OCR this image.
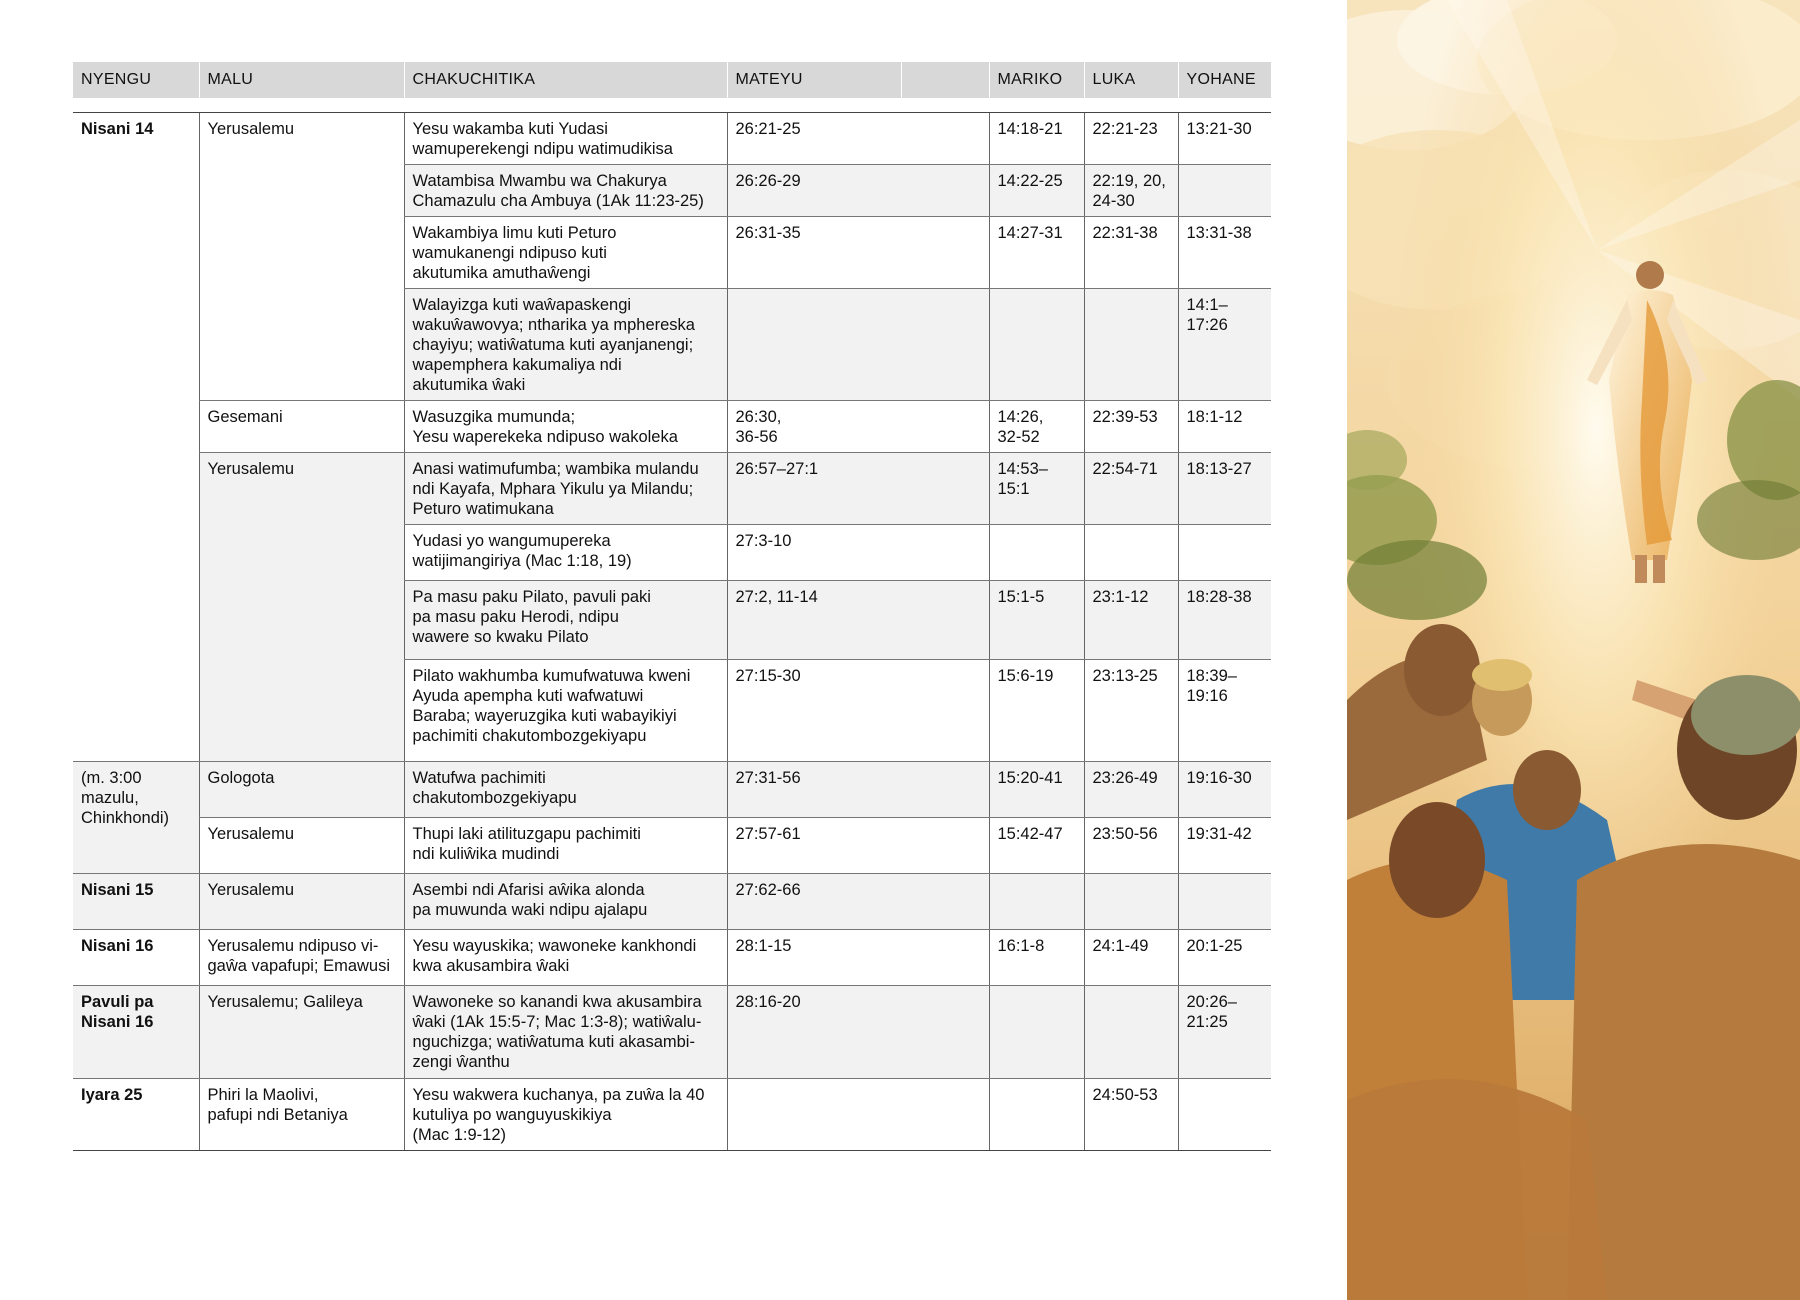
NYENGU	MALU	CHAKUCHITIKA	MATEYU		MARIKO	LUKA	YOHANE

Nisani 14	Yerusalemu	Yesu wakamba kuti Yudasi
wamuperekengi ndipu watimudikisa	26:21-25		14:18-21	22:21-23	13:21-30
		Watambisa Mwambu wa Chakurya
Chamazulu cha Ambuya (1Ak 11:23-25)	26:26-29		14:22-25	22:19, 20,
24-30	
		Wakambiya limu kuti Peturo
wamukanengi ndipuso kuti
akutumika amuthaŵengi	26:31-35		14:27-31	22:31-38	13:31-38
		Walayizga kuti waŵapaskengi
wakuŵawovya; ntharika ya mphereska
chayiyu; watiŵatuma kuti ayanjanengi;
wapemphera kakumaliya ndi
akutumika ŵaki					14:1–
17:26
	Gesemani	Wasuzgika mumunda;
Yesu waperekeka ndipuso wakoleka	26:30,
36-56		14:26,
32-52	22:39-53	18:1-12
	Yerusalemu	Anasi watimufumba; wambika mulandu
ndi Kayafa, Mphara Yikulu ya Milandu;
Peturo watimukana	26:57–27:1		14:53–
15:1	22:54-71	18:13-27
		Yudasi yo wangumupereka
watijimangiriya (Mac 1:18, 19)	27:3-10				
		Pa masu paku Pilato, pavuli paki
pa masu paku Herodi, ndipu
wawere so kwaku Pilato	27:2, 11-14		15:1-5	23:1-12	18:28-38
		Pilato wakhumba kumufwatuwa kweni
Ayuda apempha kuti wafwatuwi
Baraba; wayeruzgika kuti wabayikiyi
pachimiti chakutombozgekiyapu	27:15-30		15:6-19	23:13-25	18:39–
19:16
(m. 3:00
mazulu,
Chinkhondi)	Gologota	Watufwa pachimiti
chakutombozgekiyapu	27:31-56		15:20-41	23:26-49	19:16-30
	Yerusalemu	Thupi laki atilituzgapu pachimiti
ndi kuliŵika mudindi	27:57-61		15:42-47	23:50-56	19:31-42
Nisani 15	Yerusalemu	Asembi ndi Afarisi aŵika alonda
pa muwunda waki ndipu ajalapu	27:62-66				
Nisani 16	Yerusalemu ndipuso vi-
gaŵa vapafupi; Emawusi	Yesu wayuskika; wawoneke kankhondi
kwa akusambira ŵaki	28:1-15		16:1-8	24:1-49	20:1-25
Pavuli pa
Nisani 16	Yerusalemu; Galileya	Wawoneke so kanandi kwa akusambira
ŵaki (1Ak 15:5-7; Mac 1:3-8); watiŵalu-
nguchizga; watiŵatuma kuti akasambi-
zengi ŵanthu	28:16-20				20:26–
21:25
Iyara 25	Phiri la Maolivi,
pafupi ndi Betaniya	Yesu wakwera kuchanya, pa zuŵa la 40
kutuliya po wanguyuskikiya
(Mac 1:9-12)				24:50-53	
